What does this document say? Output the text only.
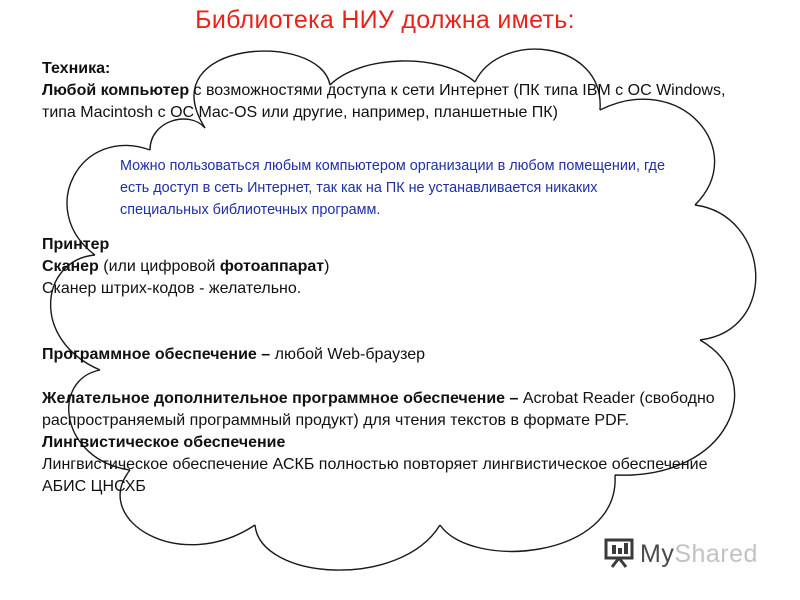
Библиотека НИУ должна иметь:

Техника:

Любой компьютер с возможностями доступа к сети Интернет (ПК типа IBM с ОС Windows, типа Macintosh с ОС Mac-OS или другие, например, планшетные ПК)

Принтер

Сканер (или цифровой фотоаппарат)

Сканер штрих-кодов - желательно.

Программное обеспечение – любой Web-браузер

Желательное дополнительное программное обеспечение – Acrobat Reader (свободно распространяемый программный продукт) для чтения текстов в формате PDF.

Лингвистическое обеспечение

Лингвистическое обеспечение АСКБ полностью повторяет лингвистическое обеспечение АБИС ЦНСХБ

Можно пользоваться любым компьютером организации в любом помещении, где есть доступ в сеть Интернет, так как на ПК не устанавливается никаких специальных библиотечных программ.
MyShared
